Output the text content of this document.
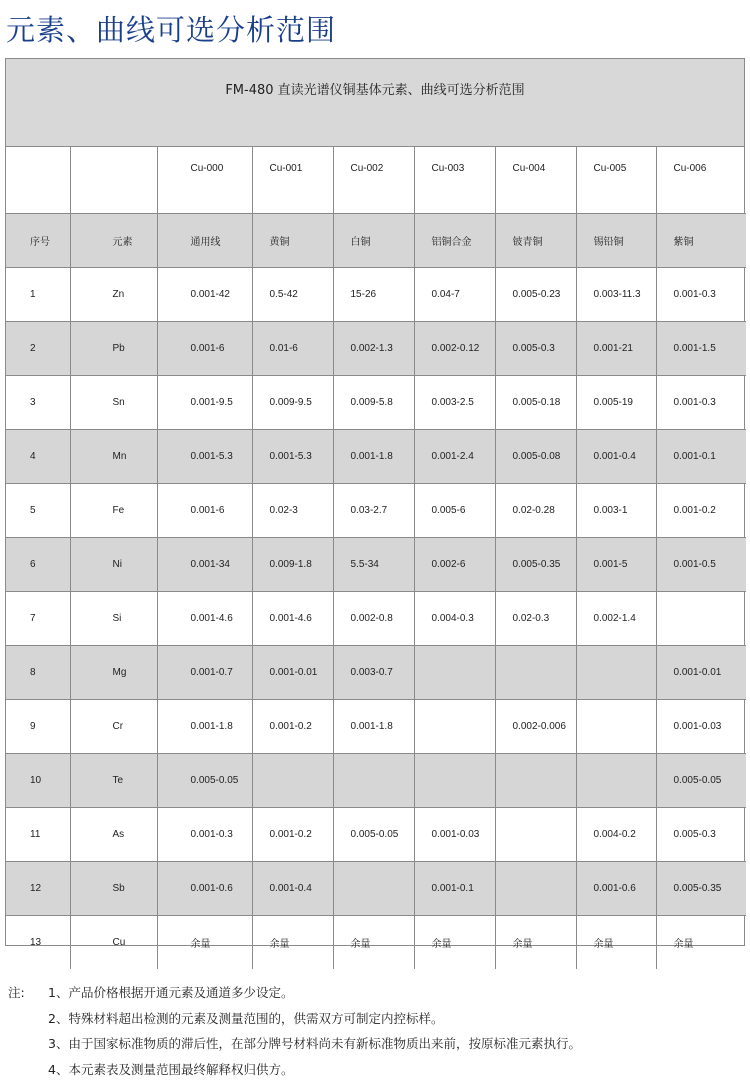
元素、曲线可选分析范围
FM-480 直读光谱仪铜基体元素、曲线可选分析范围
		Cu-000	Cu-001	Cu-002	Cu-003	Cu-004	Cu-005	Cu-006
序号	元素	通用线	黄铜	白铜	铝铜合金	铍青铜	锡铅铜	紫铜
1	Zn	0.001-42	0.5-42	15-26	0.04-7	0.005-0.23	0.003-11.3	0.001-0.3
2	Pb	0.001-6	0.01-6	0.002-1.3	0.002-0.12	0.005-0.3	0.001-21	0.001-1.5
3	Sn	0.001-9.5	0.009-9.5	0.009-5.8	0.003-2.5	0.005-0.18	0.005-19	0.001-0.3
4	Mn	0.001-5.3	0.001-5.3	0.001-1.8	0.001-2.4	0.005-0.08	0.001-0.4	0.001-0.1
5	Fe	0.001-6	0.02-3	0.03-2.7	0.005-6	0.02-0.28	0.003-1	0.001-0.2
6	Ni	0.001-34	0.009-1.8	5.5-34	0.002-6	0.005-0.35	0.001-5	0.001-0.5
7	Si	0.001-4.6	0.001-4.6	0.002-0.8	0.004-0.3	0.02-0.3	0.002-1.4	
8	Mg	0.001-0.7	0.001-0.01	0.003-0.7				0.001-0.01
9	Cr	0.001-1.8	0.001-0.2	0.001-1.8		0.002-0.006		0.001-0.03
10	Te	0.005-0.05						0.005-0.05
11	As	0.001-0.3	0.001-0.2	0.005-0.05	0.001-0.03		0.004-0.2	0.005-0.3
12	Sb	0.001-0.6	0.001-0.4		0.001-0.1		0.001-0.6	0.005-0.35
13	Cu	余量	余量	余量	余量	余量	余量	余量
注: 1、产品价格根据开通元素及通道多少设定。
2、特殊材料超出检测的元素及测量范围的，供需双方可制定内控标样。
3、由于国家标准物质的滞后性，在部分牌号材料尚未有新标准物质出来前，按原标准元素执行。
4、本元素表及测量范围最终解释权归供方。
